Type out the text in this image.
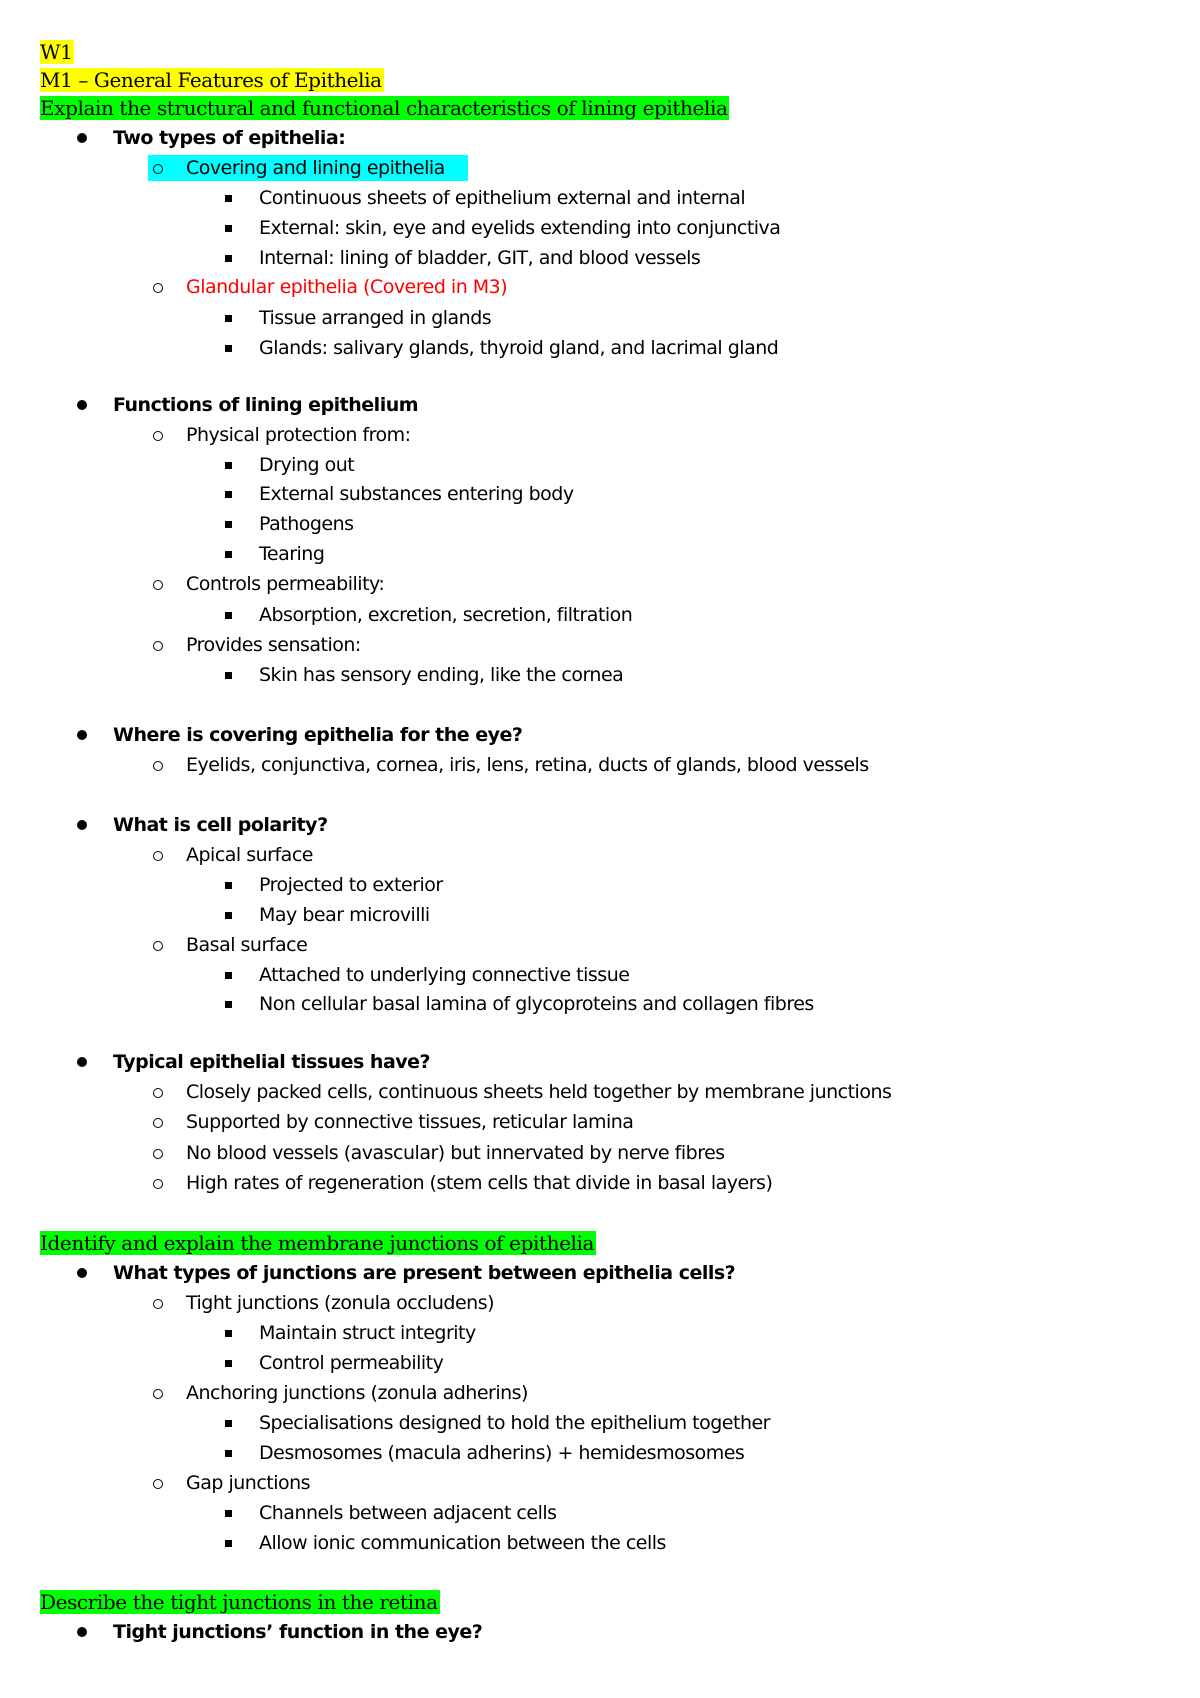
W1
M1 – General Features of Epithelia
Explain the structural and functional characteristics of lining epithelia
Two types of epithelia:
Covering and lining epithelia
Continuous sheets of epithelium external and internal
External: skin, eye and eyelids extending into conjunctiva
Internal: lining of bladder, GIT, and blood vessels
Glandular epithelia (Covered in M3)
Tissue arranged in glands
Glands: salivary glands, thyroid gland, and lacrimal gland
Functions of lining epithelium
Physical protection from:
Drying out
External substances entering body
Pathogens
Tearing
Controls permeability:
Absorption, excretion, secretion, filtration
Provides sensation:
Skin has sensory ending, like the cornea
Where is covering epithelia for the eye?
Eyelids, conjunctiva, cornea, iris, lens, retina, ducts of glands, blood vessels
What is cell polarity?
Apical surface
Projected to exterior
May bear microvilli
Basal surface
Attached to underlying connective tissue
Non cellular basal lamina of glycoproteins and collagen fibres
Typical epithelial tissues have?
Closely packed cells, continuous sheets held together by membrane junctions
Supported by connective tissues, reticular lamina
No blood vessels (avascular) but innervated by nerve fibres
High rates of regeneration (stem cells that divide in basal layers)
Identify and explain the membrane junctions of epithelia
What types of junctions are present between epithelia cells?
Tight junctions (zonula occludens)
Maintain struct integrity
Control permeability
Anchoring junctions (zonula adherins)
Specialisations designed to hold the epithelium together
Desmosomes (macula adherins) + hemidesmosomes
Gap junctions
Channels between adjacent cells
Allow ionic communication between the cells
Describe the tight junctions in the retina
Tight junctions’ function in the eye?
